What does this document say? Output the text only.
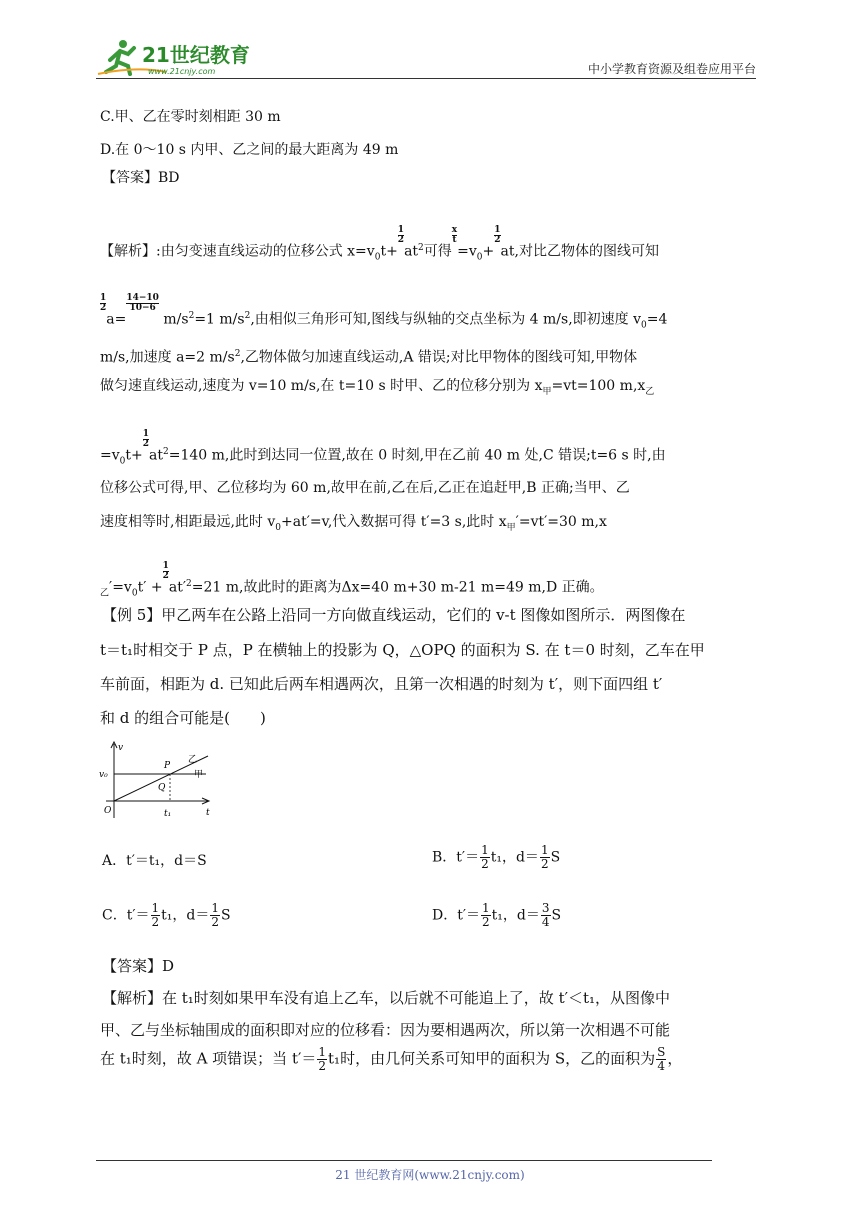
21世纪教育
www.21cnjy.com	中小学教育资源及组卷应用平台
C.甲、乙在零时刻相距 30 m
D.在 0～10 s 内甲、乙之间的最大距离为 49 m
【答案】BD
【解析】:由匀变速直线运动的位移公式 $x=v_0t+$
$\frac{1}{2}at^2$可得
$\frac{x}{t}=v_0+$
$\frac{1}{2}at$,对比乙物体的图线可知
$\frac{1}{2}a=$
$\frac{14-10}{10-6} m/s^2=1$ $m/s^2$,由相似三角形可知,图线与纵轴的交点坐标为 4 m/s,即初速度 $v_0=4$
m/s,加速度 a=2 $m/s^2$,乙物体做匀加速直线运动,A 错误;对比甲物体的图线可知,甲物体
做匀速直线运动,速度为 v=10 m/s,在 t=10 s 时甲、乙的位移分别为 $x_甲=vt=100$ $m,x_乙$
$=v_0t+$
$\frac{1}{2}at^2=140$ m,此时到达同一位置,故在 0 时刻,甲在乙前 40 m 处,C 错误;t=6 s 时,由
位移公式可得,甲、乙位移均为 60 m,故甲在前,乙在后,乙正在追赶甲,B 正确;当甲、乙
速度相等时,相距最远,此时 $v_0+at'=v$,代入数据可得 t′=3 s,此时 $x_甲'=vt'=30$ m,x
$_乙'=v_0t'$ +
$\frac{1}{2}at'^2=21$ m,故此时的距离为Δx=40 m+30 m-21 m=49 m,D 正确。
【例 5】甲乙两车在公路上沿同一方向做直线运动，它们的 v-t 图像如图所示．两图像在
t＝t₁时相交于 P 点，P 在横轴上的投影为 Q，△OPQ 的面积为 S. 在 t＝0 时刻，乙车在甲
车前面，相距为 d. 已知此后两车相遇两次，且第一次相遇的时刻为 t′，则下面四组 t′
和 d 的组合可能是(　　)
v
v₀
P
Q
O	t₁	t
乙
甲
A．t′＝t₁，d＝S	B．$t'= \frac{1}{2} t_1$，$d= \frac{1}{2}$ S
C．$t'= \frac{1}{2} t_1$，$d= \frac{1}{2}$ S	D．$t'= \frac{1}{2} t_1$，$d= \frac{3}{4}$ S
【答案】D
【解析】在 t₁时刻如果甲车没有追上乙车，以后就不可能追上了，故 t′＜t₁，从图像中
甲、乙与坐标轴围成的面积即对应的位移看：因为要相遇两次，所以第一次相遇不可能
在 t₁时刻，故 A 项错误；当 $t'= \frac{1}{2} t_1$时，由几何关系可知甲的面积为 S，乙的面积为 $\frac{S}{4}$ ，
21 世纪教育网(www.21cnjy.com)
